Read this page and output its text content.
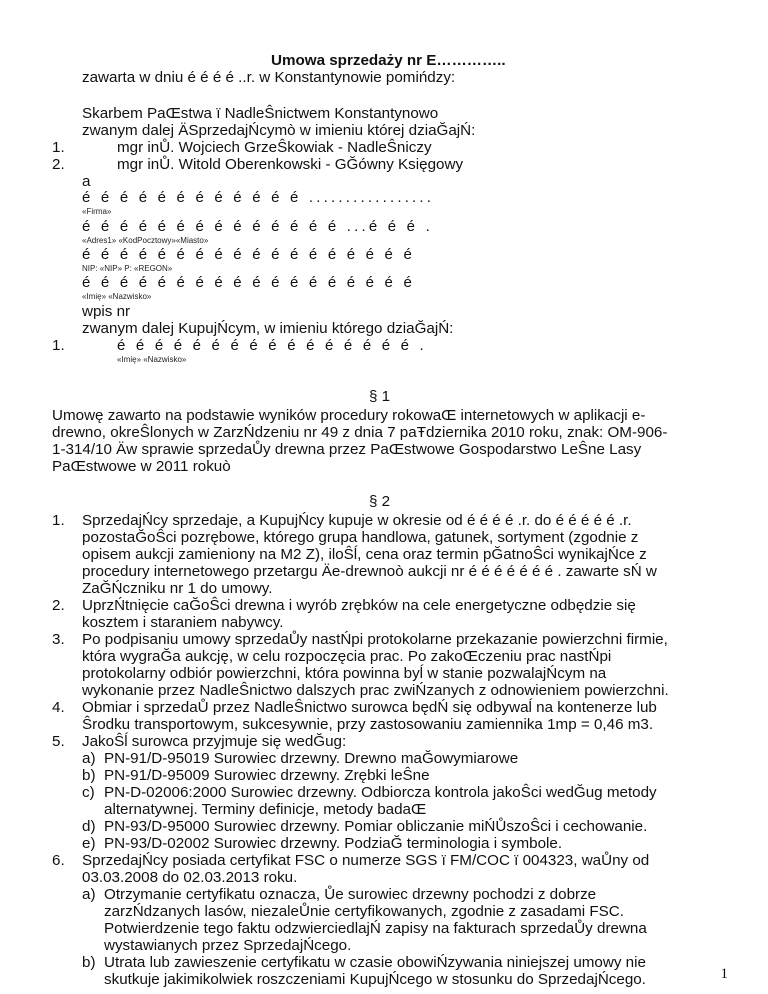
Umowa sprzedaży nr E…………..
zawarta w dniu é é é é ..r. w Konstantynowie pomińdzy:
Skarbem PaŒstwa ï NadleŜnictwem Konstantynowo
zwanym dalej ÄSprzedajŃcymò w imieniu której dziaĞajŃ:
1.	mgr inŮ. Wojciech GrzeŜkowiak - NadleŜniczy
2.	mgr inŮ. Witold Oberenkowski - GĞówny Księgowy
a
é é é é é é é é é é é é .................
«Firma»
é é é é é é é é é é é é é é ...é é é .
«Adres1» «KodPocztowy»«Miasto»
é é é é é é é é é é é é é é é é é é
NIP: «NIP» P: «REGON»
é é é é é é é é é é é é é é é é é é
«Imię» «Nazwisko»
wpis nr
zwanym dalej KupujŃcym, w imieniu którego dziaĞajŃ:
1.	é é é é é é é é é é é é é é é é .
«Imię» «Nazwisko»
§ 1
Umowę zawarto na podstawie wyników procedury rokowaŒ internetowych w aplikacji e-
drewno, okreŜlonych w ZarzŃdzeniu nr 49 z dnia 7 paŦdziernika 2010 roku, znak: OM-906-
1-314/10 Äw sprawie sprzedaŮy drewna przez PaŒstwowe Gospodarstwo LeŜne Lasy
PaŒstwowe w 2011 rokuò
§ 2
1. SprzedajŃcy sprzedaje, a KupujŃcy kupuje w okresie od é é é é .r. do é é é é é .r.
pozostaĞoŜci pozrębowe, którego grupa handlowa, gatunek, sortyment (zgodnie z
opisem aukcji zamieniony na M2 Z), iloŜĺ, cena oraz termin pĞatnoŜci wynikajŃce z
procedury internetowego przetargu Äe-drewnoò aukcji nr é é é é é é é . zawarte sŃ w
ZaĞŃczniku nr 1 do umowy.
2. UprzŃtnięcie caĞoŜci drewna i wyrób zrębków na cele energetyczne odbędzie się
kosztem i staraniem nabywcy.
3. Po podpisaniu umowy sprzedaŮy nastŃpi protokolarne przekazanie powierzchni firmie,
która wygraĞa aukcję, w celu rozpoczęcia prac. Po zakoŒczeniu prac nastŃpi
protokolarny odbiór powierzchni, która powinna byĺ w stanie pozwalajŃcym na
wykonanie przez NadleŜnictwo dalszych prac zwiŃzanych z odnowieniem powierzchni.
4. Obmiar i sprzedaŮ przez NadleŜnictwo surowca będŃ się odbywaĺ na kontenerze lub
Ŝrodku transportowym, sukcesywnie, przy zastosowaniu zamiennika 1mp = 0,46 m3.
5. JakoŜĺ surowca przyjmuje się wedĞug:
a) PN-91/D-95019 Surowiec drzewny. Drewno maĞowymiarowe
b) PN-91/D-95009 Surowiec drzewny. Zrębki leŜne
c) PN-D-02006:2000 Surowiec drzewny. Odbiorcza kontrola jakoŜci wedĞug metody
alternatywnej. Terminy definicje, metody badaŒ
d) PN-93/D-95000 Surowiec drzewny. Pomiar obliczanie miŃŮszoŜci i cechowanie.
e) PN-93/D-02002 Surowiec drzewny. PodziaĞ terminologia i symbole.
6. SprzedajŃcy posiada certyfikat FSC o numerze SGS ï FM/COC ï 004323, waŮny od
03.03.2008 do 02.03.2013 roku.
a) Otrzymanie certyfikatu oznacza, Ůe surowiec drzewny pochodzi z dobrze
zarzŃdzanych lasów, niezaleŮnie certyfikowanych, zgodnie z zasadami FSC.
Potwierdzenie tego faktu odzwierciedlajŃ zapisy na fakturach sprzedaŮy drewna
wystawianych przez SprzedajŃcego.
b) Utrata lub zawieszenie certyfikatu w czasie obowiŃzywania niniejszej umowy nie
skutkuje jakimikolwiek roszczeniami KupujŃcego w stosunku do SprzedajŃcego.	1
